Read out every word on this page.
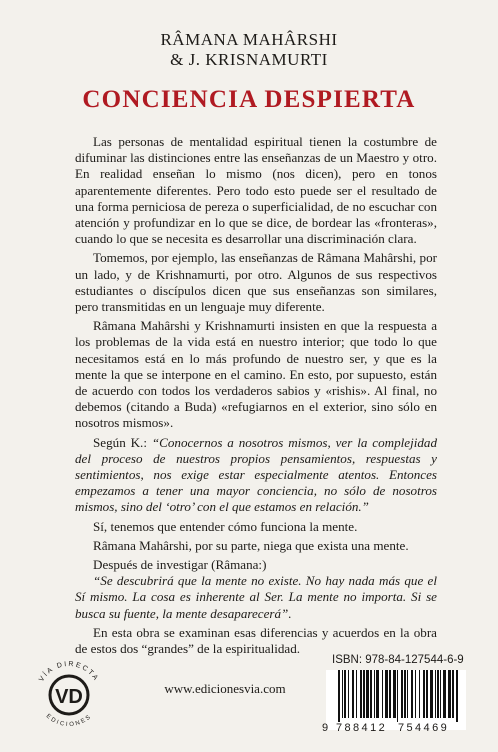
RÂMANA MAHÂRSHI
& J. KRISNAMURTI
CONCIENCIA DESPIERTA

Las personas de mentalidad espiritual tienen la costumbre de difuminar las distinciones entre las enseñanzas de un Maestro y otro. En realidad enseñan lo mismo (nos dicen), pero en tonos aparentemente diferentes. Pero todo esto puede ser el resultado de una forma perniciosa de pereza o superficialidad, de no escuchar con atención y profundizar en lo que se dice, de bordear las «fronteras», cuando lo que se necesita es desarrollar una discriminación clara.

Tomemos, por ejemplo, las enseñanzas de Râmana Mahârshi, por un lado, y de Krishnamurti, por otro. Algunos de sus respectivos estudiantes o discípulos dicen que sus enseñanzas son similares, pero transmitidas en un lenguaje muy diferente.

Râmana Mahârshi y Krishnamurti insisten en que la respuesta a los problemas de la vida está en nuestro interior; que todo lo que necesitamos está en lo más profundo de nuestro ser, y que es la mente la que se interpone en el camino. En esto, por supuesto, están de acuerdo con todos los verdaderos sabios y «rishis». Al final, no debemos (citando a Buda) «refugiarnos en el exterior, sino sólo en nosotros mismos».

Según K.: “Conocernos a nosotros mismos, ver la complejidad del proceso de nuestros propios pensamientos, respuestas y sentimientos, nos exige estar especialmente atentos. Entonces empezamos a tener una mayor conciencia, no sólo de nosotros mismos, sino del ‘otro’ con el que estamos en relación.”

Sí, tenemos que entender cómo funciona la mente.

Râmana Mahârshi, por su parte, niega que exista una mente.

Después de investigar (Râmana:)

“Se descubrirá que la mente no existe. No hay nada más que el Sí mismo. La cosa es inherente al Ser. La mente no importa. Si se busca su fuente, la mente desaparecerá”.

En esta obra se examinan esas diferencias y acuerdos en la obra de estos dos “grandes” de la espiritualidad.

VÍA DIRECTA
EDICIONES
VD	www.edicionesvia.com
ISBN: 978-84-127544-6-9
9 788412 754469
